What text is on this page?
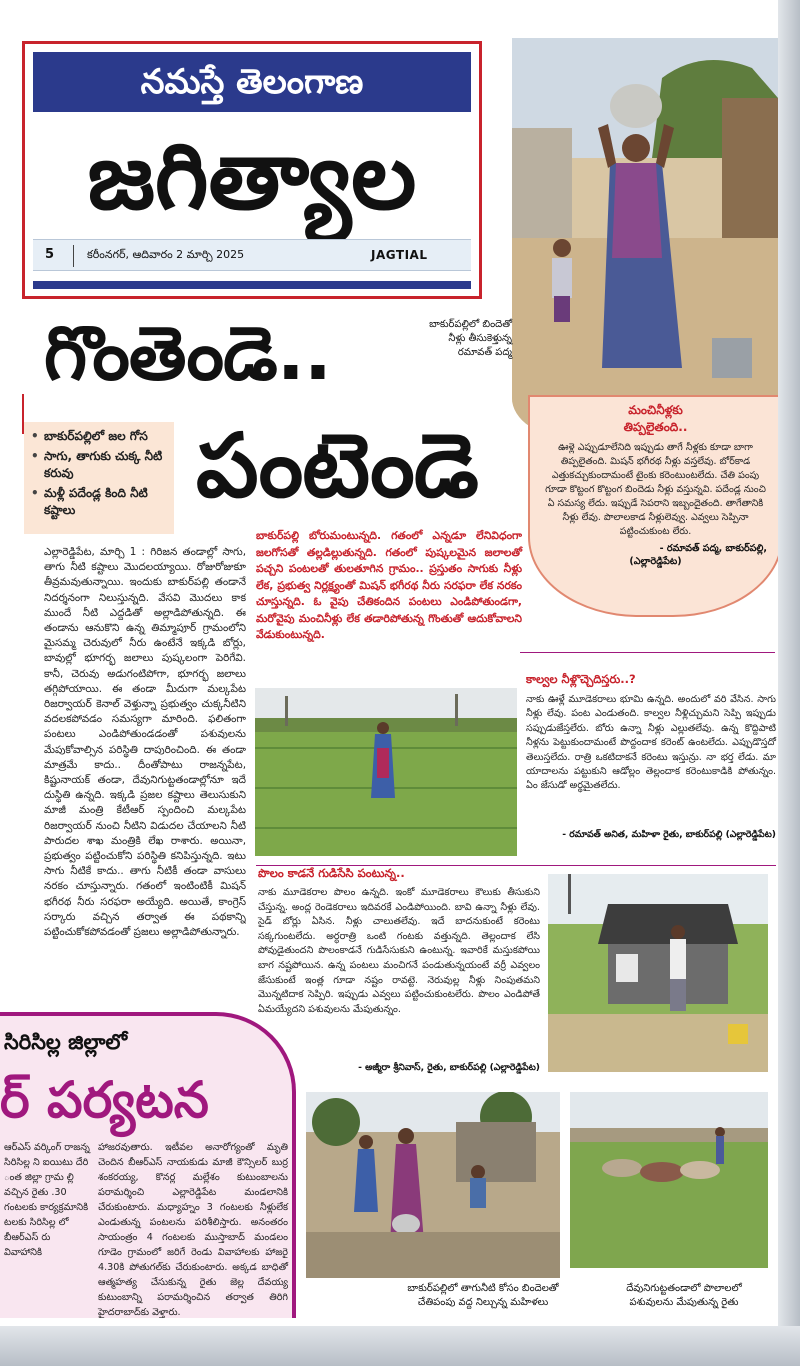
నమస్తే తెలంగాణ
జగిత్యాల
5	కరీంనగర్, ఆదివారం 2 మార్చి 2025	JAGTIAL
గొంతెండె..	బాకుర్‌పల్లిలో బిందెతో నీళ్లు తీసుకెళ్తున్న రమావత్ పద్మ
పంటెండె
• బాకుర్‌పల్లిలో జల గోస
• సాగు, తాగుకు చుక్క నీటి కరువు
• మళ్లీ పదేండ్ల కింది నీటి కష్టాలు
మంచినీళ్లకు
తిప్పలైతంది..
ఊళ్లె ఎప్పుడూలేనిది ఇప్పుడు తాగే నీళ్లకు కూడా బాగా తిప్పలైతంది. మిషన్ భగీరథ నీళ్లు వస్తలేవు. బోర్‌కాడ ఎత్తుకచ్చుకుందామంటే టైంకు కరెంటుంటలేదు. చేతి పంపు గూడా కొట్టంగ కొట్టంగ బిందెడు నీళ్లు వస్తున్నవి. పదేండ్ల నుంచి ఏ సమస్య లేదు. ఇప్పుడే సెపరాని ఇబ్బందైతంది. తాగేతానికి నీళ్లు లేవు. పొలాలకాడ నీళ్లులెవ్వు. ఎవ్వలు సెప్పినా పట్టించుకుంట లేరు.
- రమావత్ పద్మ, బాకుర్‌పల్లి,
(ఎల్లారెడ్డిపేట)
ఎల్లారెడ్డిపేట, మార్చి 1 : గిరిజన తండాల్లో సాగు, తాగు నీటి కష్టాలు మొదలయ్యాయి. రోజురోజుకూ తీవ్రమవుతున్నాయి. ఇందుకు బాకుర్‌పల్లి తండానే నిదర్శనంగా నిలుస్తున్నది. వేసవి మొదలు కాక ముందే నీటి ఎద్దడితో అల్లాడిపోతున్నది. ఈ తండాను ఆనుకొని ఉన్న తిమ్మాపూర్ గ్రామంలోని మైసమ్మ చెరువులో నీరు ఉంటేనే ఇక్కడి బోర్లు, బావుల్లో భూగర్భ జలాలు పుష్కలంగా పెరిగేవి. కానీ, చెరువు అడుగంటిపోగా, భూగర్భ జలాలు తగ్గిపోయాయి. ఈ తండా మీదుగా మల్కపేట రిజర్వాయర్ కెనాల్ వెళ్తున్నా ప్రభుత్వం చుక్కనీటిని వదలకపోవడం సమస్యగా మారింది. ఫలితంగా పంటలు ఎండిపోతుండడంతో పశువులను మేపుకోవాల్సిన పరిస్థితి దాపురించింది. ఈ తండా మాత్రమే కాదు.. దీంతోపాటు రాజన్నపేట, కిష్టునాయక్ తండా, దేవునిగుట్టతండాల్లోనూ ఇదే దుస్థితి ఉన్నది. ఇక్కడి ప్రజల కష్టాలు తెలుసుకుని మాజీ మంత్రి కేటీఆర్ స్పందించి మల్కపేట రిజర్వాయర్ నుంచి నీటిని విడుదల చేయాలని నీటి పారుదల శాఖ మంత్రికి లేఖ రాశారు. అయినా, ప్రభుత్వం పట్టించుకోని పరిస్థితి కనిపిస్తున్నది. ఇటు సాగు నీటికే కాదు.. తాగు నీటికీ తండా వాసులు నరకం చూస్తున్నారు. గతంలో ఇంటింటికీ మిషన్ భగీరథ నీరు సరఫరా అయ్యేది. అయితే, కాంగ్రెస్ సర్కారు వచ్చిన తర్వాత ఈ పథకాన్ని పట్టించుకోకపోవడంతో ప్రజలు అల్లాడిపోతున్నారు.
బాకుర్‌పల్లి బోరుమంటున్నది. గతంలో ఎన్నడూ లేనివిధంగా జలగోసతో తల్లడిల్లుతున్నది. గతంలో పుష్కలమైన జలాలతో పచ్చని పంటలతో తులతూగిన గ్రామం.. ప్రస్తుతం సాగుకు నీళ్లు లేక, ప్రభుత్వ నిర్లక్ష్యంతో మిషన్ భగీరథ నీరు సరఫరా లేక నరకం చూస్తున్నది. ఓ వైపు చేతికందిన పంటలు ఎండిపోతుండగా, మరోవైపు మంచినీళ్లు లేక తడారిపోతున్న గొంతుతో ఆదుకోవాలని వేడుకుంటున్నది.
కాల్వల నీళ్లొచ్చెదిస్తరు..?
నాకు ఊళ్లే మూడెకరాలు భూమి ఉన్నది. అందులో వరి వేసిన. సాగు నీళ్లు లేవు. పంట ఎండుతంది. కాల్వల నీళ్లిచ్చుమని సెప్పి ఇప్పుడు సప్పుడుజేస్తలేరు. బోరు ఉన్నా నీళ్లు ఎల్లుతలేవు. ఉన్న కొద్దిపాటి నీళ్లను పెట్టుకుందామంటే పొద్దందాక కరెంట్ ఉంటలేదు. ఎప్పుడొస్తదో తెలుస్తలేదు. రాత్రి ఒకటిదాకనే కరెంటు ఇస్తున్రు. నా భర్త లేడు. మా యాదాలను పట్టుకుని ఆడోల్లం తెల్లందాక కరెంటుకాడికి పోతున్నం. ఏం జేసుడో అర్థమైతలేదు.
- రమావత్ అనిత, మహిళా రైతు, బాకుర్‌పల్లి (ఎల్లారెడ్డిపేట)
పొలం కాడనే గుడిసేసి పంటున్న..
నాకు మూడెకరాల పొలం ఉన్నది. ఇంకో మూడెకరాలు కౌలుకు తీసుకుని చేస్తున్న. అంద్ల రెండెకరాలు ఇదివరకే ఎండిపోయింది. బావి ఉన్నా నీళ్లు లేవు. సైడ్ బోర్లు ఏసిన. నీళ్లు చాలుతలేవు. ఇదే బాదనుకుంటే కరెంటు సక్కగుంటలేదు. అర్ధరాత్రి ఒంటి గంటకు వత్తున్నది. తెల్లందాక లేసి పోవుడైతుందని పొలంకాడనే గుడిసేసుకుని ఉంటున్న. ఇవారికే మస్తుకపోయి బాగ నష్టపోయిన. ఉన్న పంటలు మంచిగనే పండుతున్నయంటే వర్రీ ఎవ్వలం జేసుకుంటే ఇంత్ల గూడా నష్టం రావట్టె. నెరువుల్ల నీళ్లు నింపుతమని మొన్నటిదాక సెప్పిరి. ఇప్పుడు ఎవ్వలు పట్టించుకుంటలేరు. పొలం ఎండిపోతే ఏమయ్యేదని పశువులను మేపుతున్నం.
- అజ్మీరా శ్రీనివాస్, రైతు, బాకుర్‌పల్లి (ఎల్లారెడ్డిపేట)
సిరిసిల్ల జిల్లాలో
ర్ పర్యటన
ఆర్ఎస్ వర్కింగ్ రాజన్న సిరిసిల్ల ని ఐయిటు దేరి ంత జిల్లా గ్రామ ల్లి వచ్చిన రైతు .30 గంటలకు కార్యక్రమానికి టలకు సిరిసిల్ల లో బీఆర్ఎస్ రు వివాహానికి
హాజరవుతారు. ఇటీవల అనారోగ్యంతో మృతి చెందిన బీఆర్ఎస్ నాయకుడు మాజీ కౌన్సిలర్ బుర్ర శంకరయ్య, కొనర్ల మల్లేశం కుటుంబాలను పరామర్శించి ఎల్లారెడ్డిపేట మండలానికి చేరుకుంటారు. మధ్యాహ్నం 3 గంటలకు నీళ్లులేక ఎండుతున్న పంటలను పరిశీలిస్తారు. అనంతరం సాయంత్రం 4 గంటలకు ముస్తాబాద్ మండలం గూడెం గ్రామంలో జరిగే రెండు వివాహాలకు హాజరై 4.30కి పోతుగల్‌కు చేరుకుంటారు. అక్కడ బాధితో ఆత్మహత్య చేసుకున్న రైతు జెల్ల దేవయ్య కుటుంబాన్ని పరామర్శించిన తర్వాత తిరిగి హైదరాబాద్‌కు వెళ్తారు.
బాకుర్‌పల్లిలో తాగునీటి కోసం బిందెలతో చేతిపంపు వద్ద నిల్చున్న మహిళలు
దేవునిగుట్టతండాలో పొలాలలో పశువులను మేపుతున్న రైతు
